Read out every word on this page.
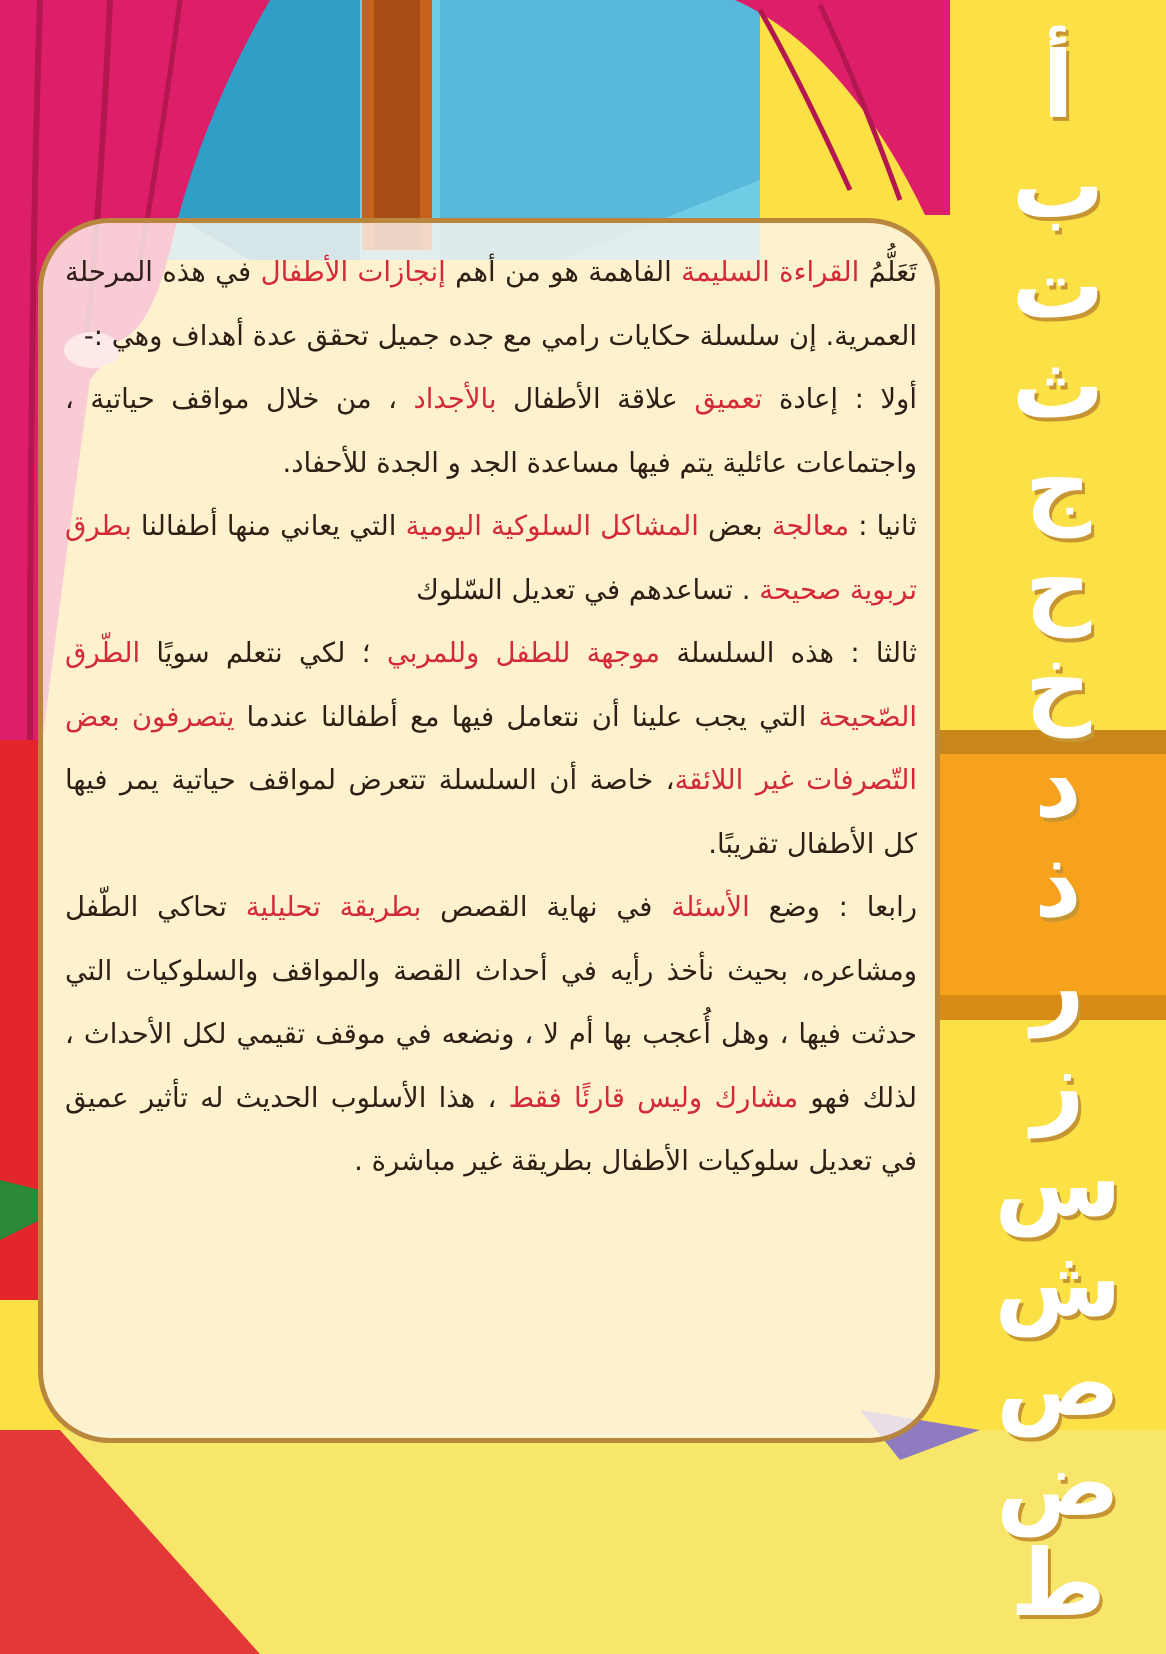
تَعَلُّمُ القراءة السليمة الفاهمة هو من أهم إنجازات الأطفال في هذه المرحلة العمرية. إن سلسلة حكايات رامي مع جده جميل تحقق عدة أهداف وهي :-

أولا : إعادة تعميق علاقة الأطفال بالأجداد ، من خلال مواقف حياتية ، واجتماعات عائلية يتم فيها مساعدة الجد و الجدة للأحفاد.

ثانيا : معالجة بعض المشاكل السلوكية اليومية التي يعاني منها أطفالنا بطرق تربوية صحيحة . تساعدهم في تعديل السّلوك

ثالثا : هذه السلسلة موجهة للطفل وللمربي ؛ لكي نتعلم سويًا الطّرق الصّحيحة التي يجب علينا أن نتعامل فيها مع أطفالنا عندما يتصرفون بعض التّصرفات غير اللائقة، خاصة أن السلسلة تتعرض لمواقف حياتية يمر فيها كل الأطفال تقريبًا.

رابعا : وضع الأسئلة في نهاية القصص بطريقة تحليلية تحاكي الطّفل ومشاعره، بحيث نأخذ رأيه في أحداث القصة والمواقف والسلوكيات التي حدثت فيها ، وهل أُعجب بها أم لا ، ونضعه في موقف تقيمي لكل الأحداث ، لذلك فهو مشارك وليس قارئًا فقط ، هذا الأسلوب الحديث له تأثير عميق في تعديل سلوكيات الأطفال بطريقة غير مباشرة .

أ
ب
ت
ث
ج
ح
خ
د
ذ
ر
ز
س
ش
ص
ض
ط
